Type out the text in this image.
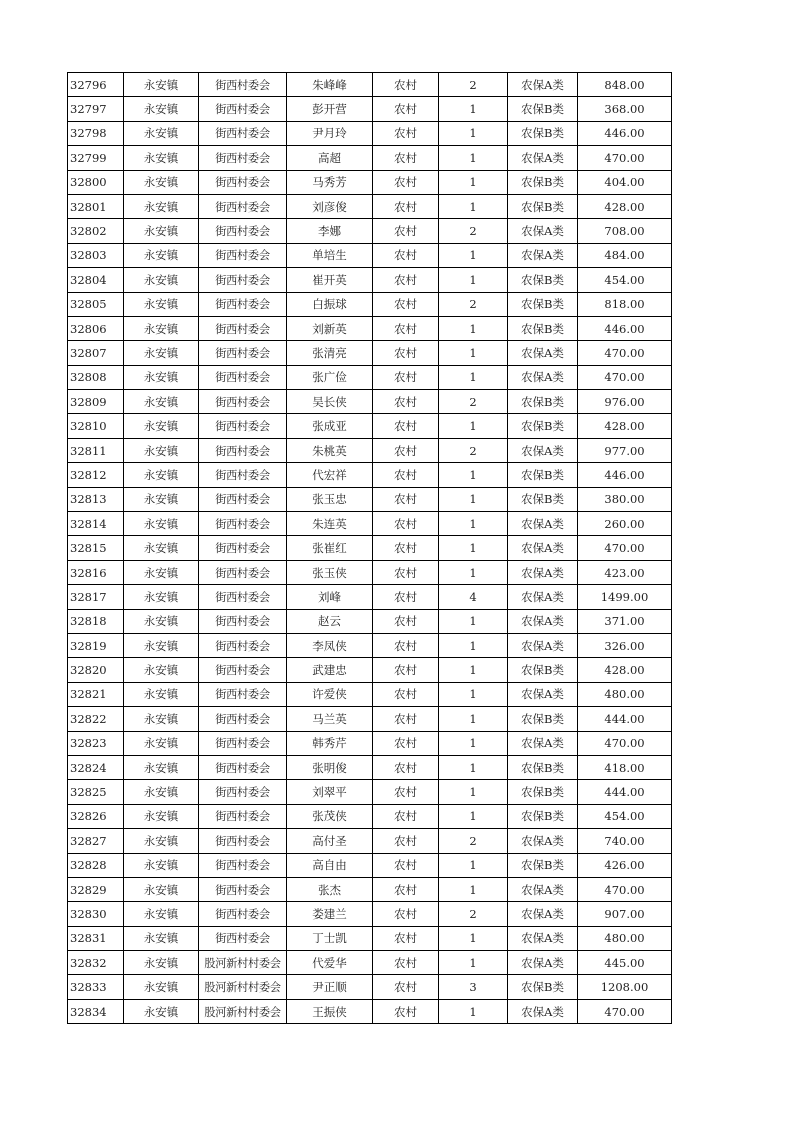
32796	永安镇	街西村委会	朱峰峰	农村	2	农保A类	848.00
32797	永安镇	街西村委会	彭开营	农村	1	农保B类	368.00
32798	永安镇	街西村委会	尹月玲	农村	1	农保B类	446.00
32799	永安镇	街西村委会	高超	农村	1	农保A类	470.00
32800	永安镇	街西村委会	马秀芳	农村	1	农保B类	404.00
32801	永安镇	街西村委会	刘彦俊	农村	1	农保B类	428.00
32802	永安镇	街西村委会	李娜	农村	2	农保A类	708.00
32803	永安镇	街西村委会	单培生	农村	1	农保A类	484.00
32804	永安镇	街西村委会	崔开英	农村	1	农保B类	454.00
32805	永安镇	街西村委会	白振球	农村	2	农保B类	818.00
32806	永安镇	街西村委会	刘新英	农村	1	农保B类	446.00
32807	永安镇	街西村委会	张清亮	农村	1	农保A类	470.00
32808	永安镇	街西村委会	张广俭	农村	1	农保A类	470.00
32809	永安镇	街西村委会	吴长侠	农村	2	农保B类	976.00
32810	永安镇	街西村委会	张成亚	农村	1	农保B类	428.00
32811	永安镇	街西村委会	朱桃英	农村	2	农保A类	977.00
32812	永安镇	街西村委会	代宏祥	农村	1	农保B类	446.00
32813	永安镇	街西村委会	张玉忠	农村	1	农保B类	380.00
32814	永安镇	街西村委会	朱连英	农村	1	农保A类	260.00
32815	永安镇	街西村委会	张崔红	农村	1	农保A类	470.00
32816	永安镇	街西村委会	张玉侠	农村	1	农保A类	423.00
32817	永安镇	街西村委会	刘峰	农村	4	农保A类	1499.00
32818	永安镇	街西村委会	赵云	农村	1	农保A类	371.00
32819	永安镇	街西村委会	李凤侠	农村	1	农保A类	326.00
32820	永安镇	街西村委会	武建忠	农村	1	农保B类	428.00
32821	永安镇	街西村委会	许爱侠	农村	1	农保A类	480.00
32822	永安镇	街西村委会	马兰英	农村	1	农保B类	444.00
32823	永安镇	街西村委会	韩秀芹	农村	1	农保A类	470.00
32824	永安镇	街西村委会	张明俊	农村	1	农保B类	418.00
32825	永安镇	街西村委会	刘翠平	农村	1	农保B类	444.00
32826	永安镇	街西村委会	张茂侠	农村	1	农保B类	454.00
32827	永安镇	街西村委会	高付圣	农村	2	农保A类	740.00
32828	永安镇	街西村委会	高自由	农村	1	农保B类	426.00
32829	永安镇	街西村委会	张杰	农村	1	农保A类	470.00
32830	永安镇	街西村委会	娄建兰	农村	2	农保A类	907.00
32831	永安镇	街西村委会	丁士凯	农村	1	农保A类	480.00
32832	永安镇	股河新村村委会	代爱华	农村	1	农保A类	445.00
32833	永安镇	股河新村村委会	尹正顺	农村	3	农保B类	1208.00
32834	永安镇	股河新村村委会	王振侠	农村	1	农保A类	470.00
